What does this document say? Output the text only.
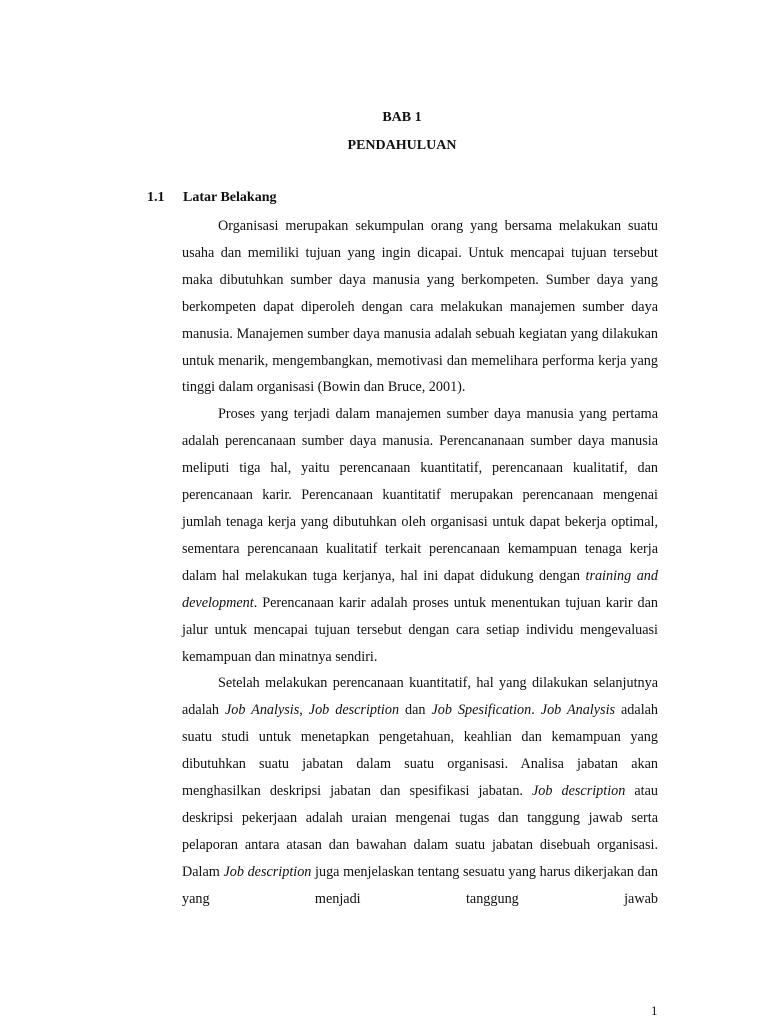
BAB 1
PENDAHULUAN
1.1 Latar Belakang

Organisasi merupakan sekumpulan orang yang bersama melakukan suatu usaha dan memiliki tujuan yang ingin dicapai. Untuk mencapai tujuan tersebut maka dibutuhkan sumber daya manusia yang berkompeten. Sumber daya yang berkompeten dapat diperoleh dengan cara melakukan manajemen sumber daya manusia. Manajemen sumber daya manusia adalah sebuah kegiatan yang dilakukan untuk menarik, mengembangkan, memotivasi dan memelihara performa kerja yang tinggi dalam organisasi (Bowin dan Bruce, 2001).

Proses yang terjadi dalam manajemen sumber daya manusia yang pertama adalah perencanaan sumber daya manusia. Perencananaan sumber daya manusia meliputi tiga hal, yaitu perencanaan kuantitatif, perencanaan kualitatif, dan perencanaan karir. Perencanaan kuantitatif merupakan perencanaan mengenai jumlah tenaga kerja yang dibutuhkan oleh organisasi untuk dapat bekerja optimal, sementara perencanaan kualitatif terkait perencanaan kemampuan tenaga kerja dalam hal melakukan tuga kerjanya, hal ini dapat didukung dengan training and development. Perencanaan karir adalah proses untuk menentukan tujuan karir dan jalur untuk mencapai tujuan tersebut dengan cara setiap individu mengevaluasi kemampuan dan minatnya sendiri.

Setelah melakukan perencanaan kuantitatif, hal yang dilakukan selanjutnya adalah Job Analysis, Job description dan Job Spesification. Job Analysis adalah suatu studi untuk menetapkan pengetahuan, keahlian dan kemampuan yang dibutuhkan suatu jabatan dalam suatu organisasi. Analisa jabatan akan menghasilkan deskripsi jabatan dan spesifikasi jabatan. Job description atau deskripsi pekerjaan adalah uraian mengenai tugas dan tanggung jawab serta pelaporan antara atasan dan bawahan dalam suatu jabatan disebuah organisasi. Dalam Job description juga menjelaskan tentang sesuatu yang harus dikerjakan dan yang menjadi tanggung jawab

1
